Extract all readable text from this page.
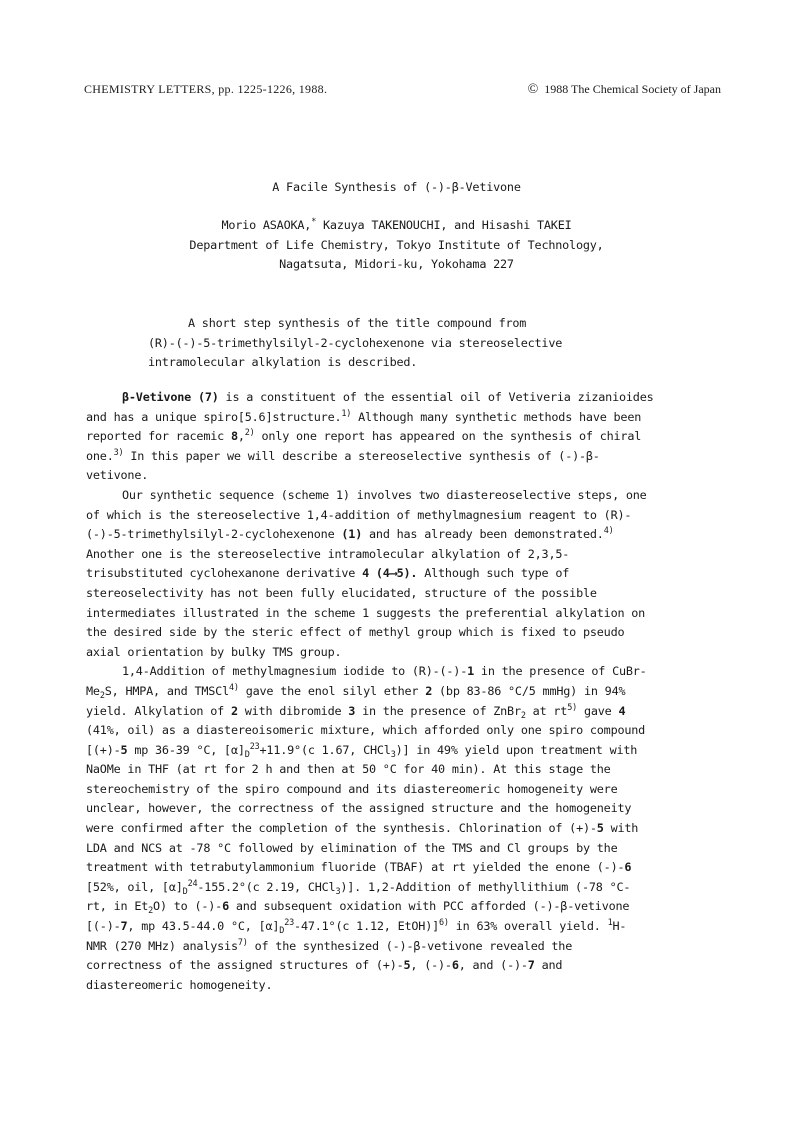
CHEMISTRY LETTERS, pp. 1225-1226, 1988.	© 1988 The Chemical Society of Japan
A Facile Synthesis of (-)-β-Vetivone
Morio ASAOKA,* Kazuya TAKENOUCHI, and Hisashi TAKEI
Department of Life Chemistry, Tokyo Institute of Technology,
Nagatsuta, Midori-ku, Yokohama 227
A short step synthesis of the title compound from
(R)-(-)-5-trimethylsilyl-2-cyclohexenone via stereoselective
intramolecular alkylation is described.
β-Vetivone (7) is a constituent of the essential oil of Vetiveria zizanioides
and has a unique spiro[5.6]structure.$^{1)}$ Although many synthetic methods have been
reported for racemic 8,$^{2)}$ only one report has appeared on the synthesis of chiral
one.$^{3)}$ In this paper we will describe a stereoselective synthesis of (-)-β-
vetivone.
Our synthetic sequence (scheme 1) involves two diastereoselective steps, one
of which is the stereoselective 1,4-addition of methylmagnesium reagent to (R)-
(-)-5-trimethylsilyl-2-cyclohexenone (1) and has already been demonstrated.$^{4)}$
Another one is the stereoselective intramolecular alkylation of 2,3,5-
trisubstituted cyclohexanone derivative 4 (4⟶5). Although such type of
stereoselectivity has not been fully elucidated, structure of the possible
intermediates illustrated in the scheme 1 suggests the preferential alkylation on
the desired side by the steric effect of methyl group which is fixed to pseudo
axial orientation by bulky TMS group.
1,4-Addition of methylmagnesium iodide to (R)-(-)-1 in the presence of CuBr-
$Me_2S$, HMPA, and TMSCl$^{4)}$ gave the enol silyl ether 2 (bp 83-86 °C/5 mmHg) in 94%
yield. Alkylation of 2 with dibromide 3 in the presence of ZnBr$_2$ at $rt^{5)}$ gave 4
(41%, oil) as a diastereoisomeric mixture, which afforded only one spiro compound
[(+)-5 mp 36-39 °C, $[\alpha]_D^{23}+11.9^\circ(c$ 1.67, CHCl$_3$)] in 49% yield upon treatment with
NaOMe in THF (at rt for 2 h and then at 50 °C for 40 min). At this stage the
stereochemistry of the spiro compound and its diastereomeric homogeneity were
unclear, however, the correctness of the assigned structure and the homogeneity
were confirmed after the completion of the synthesis. Chlorination of (+)-5 with
LDA and NCS at -78 °C followed by elimination of the TMS and Cl groups by the
treatment with tetrabutylammonium fluoride (TBAF) at rt yielded the enone (-)-6
[52%, oil, $[\alpha]_D^{24}-155.2^\circ(c$ 2.19, CHCl$_3$)]. 1,2-Addition of methyllithium (-78 °C-
rt, in $Et_2O$) to (-)-6 and subsequent oxidation with PCC afforded (-)-β-vetivone
[(-)-7, mp 43.5-44.0 °C, $[\alpha]_D^{23}-47.1^\circ(c$ 1.12, EtOH)]$^{6)}$ in 63% overall yield. $^1$H-
NMR (270 MHz) analysis$^{7)}$ of the synthesized (-)-β-vetivone revealed the
correctness of the assigned structures of (+)-5, (-)-6, and (-)-7 and
diastereomeric homogeneity.
